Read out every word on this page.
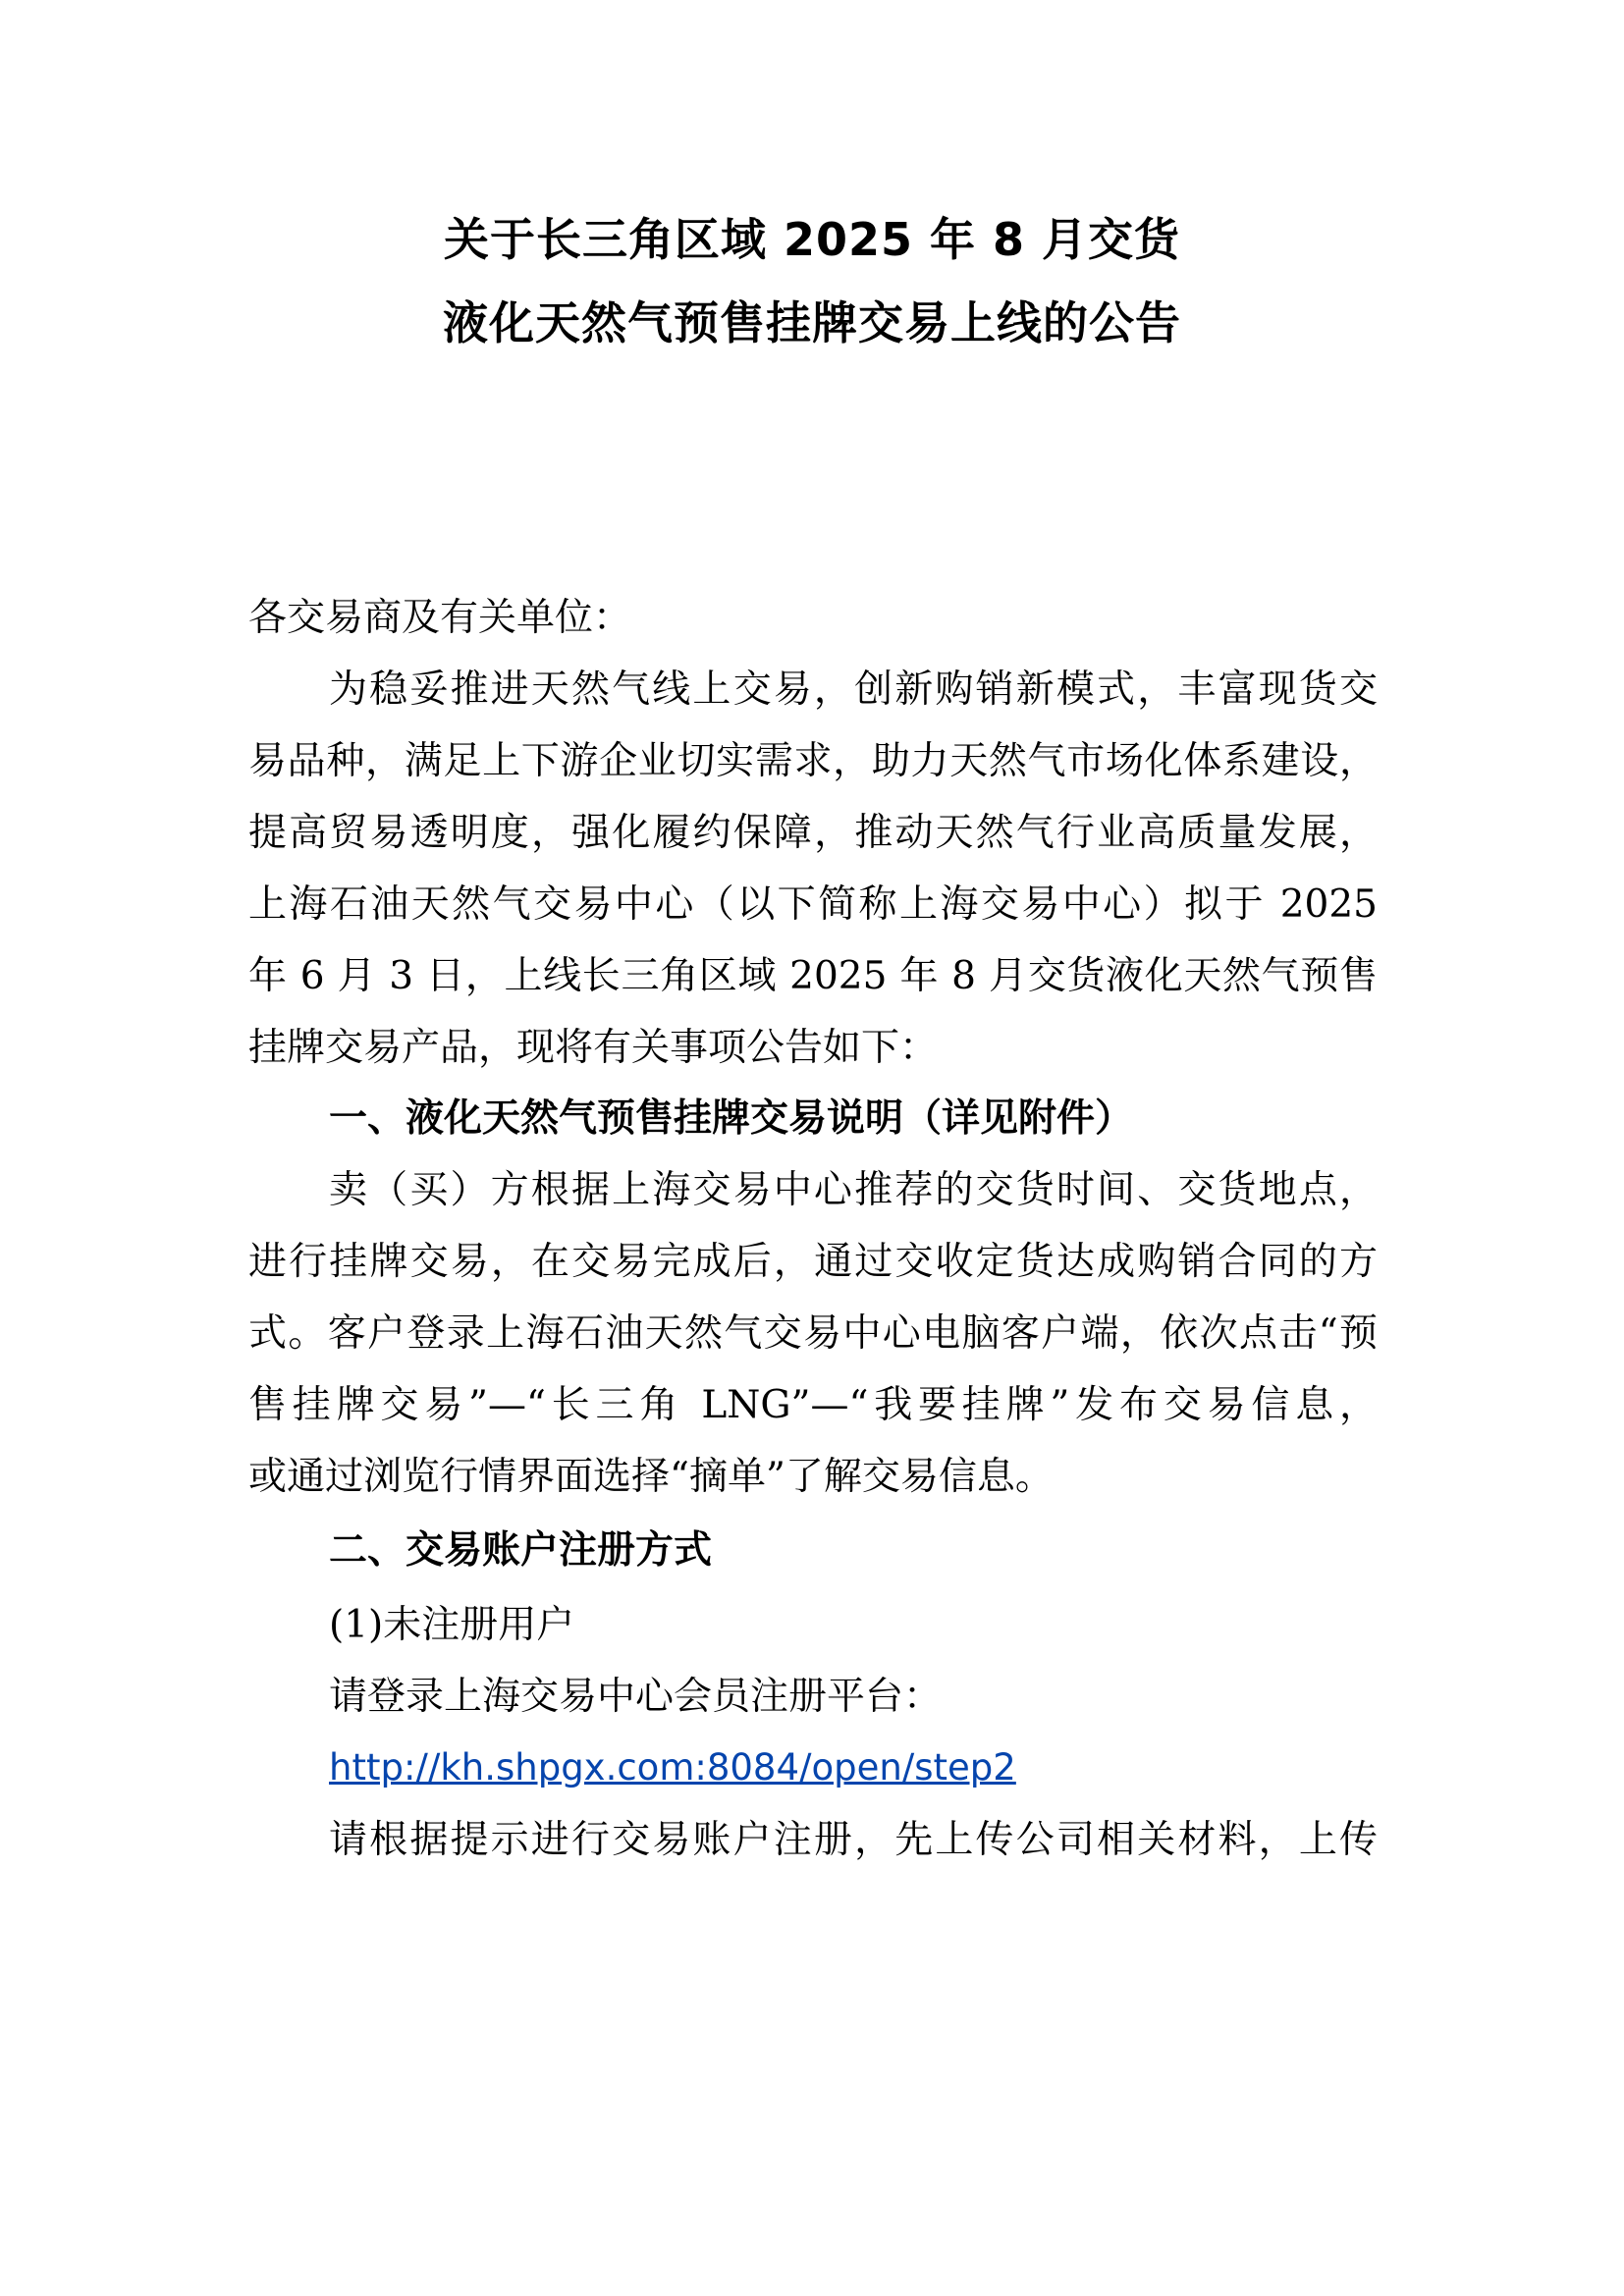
关于长三角区域 2025 年 8 月交货
液化天然气预售挂牌交易上线的公告
各交易商及有关单位：
为稳妥推进天然气线上交易，创新购销新模式，丰富现货交
易品种，满足上下游企业切实需求，助力天然气市场化体系建设，
提高贸易透明度，强化履约保障，推动天然气行业高质量发展，
上海石油天然气交易中心（以下简称上海交易中心）拟于 2025
年 6 月 3 日，上线长三角区域 2025 年 8 月交货液化天然气预售
挂牌交易产品，现将有关事项公告如下：
一、液化天然气预售挂牌交易说明（详见附件）
卖（买）方根据上海交易中心推荐的交货时间、交货地点，
进行挂牌交易，在交易完成后，通过交收定货达成购销合同的方
式。客户登录上海石油天然气交易中心电脑客户端，依次点击“预
售挂牌交易”—“长三角 LNG”—“我要挂牌”发布交易信息，
或通过浏览行情界面选择“摘单”了解交易信息。
二、交易账户注册方式
(1)未注册用户
请登录上海交易中心会员注册平台：
http://kh.shpgx.com:8084/open/step2
请根据提示进行交易账户注册，先上传公司相关材料，上传
